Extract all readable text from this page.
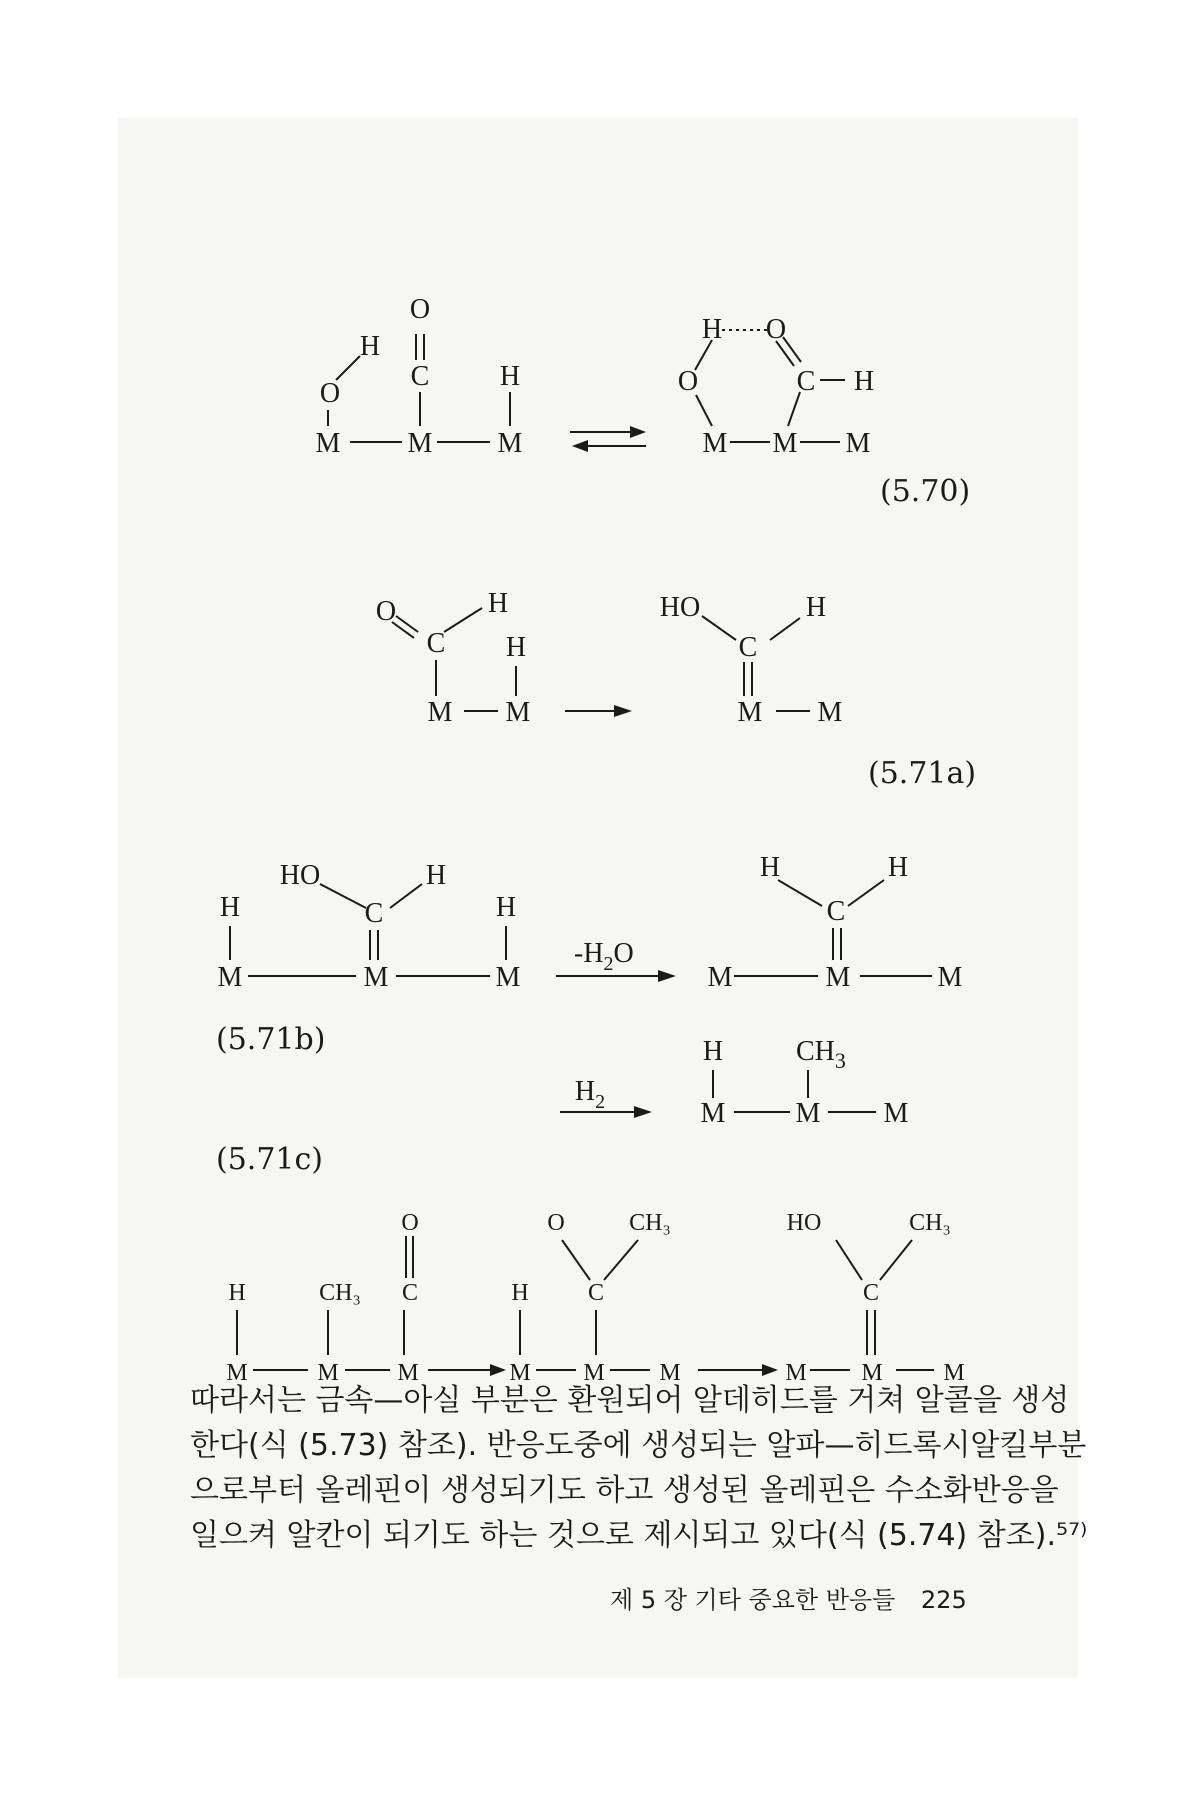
M M M
O
C	H
O
H
M M M
O
H O
C H
O
C
H
H
M M
HO	H
C
M M
H
M
HO	H
C
M
H
M
$-H_2O$
H	H
C
M	M	M
$H_2$
H	$CH_3$
M	M M
H
M
CH₃
M
O
C
M
H
M
O	CH₃
C
M M	M
HO	CH₃
C
M	M
(5.70)
(5.71a)
(5.71b)
(5.71c)

따라서는 금속—아실 부분은 환원되어 알데히드를 거쳐 알콜을 생성

한다(식 (5.73) 참조). 반응도중에 생성되는 알파—히드록시알킬부분

으로부터 올레핀이 생성되기도 하고 생성된 올레핀은 수소화반응을

일으켜 알칸이 되기도 하는 것으로 제시되고 있다(식 (5.74) 참조).⁵⁷⁾

제 5 장 기타 중요한 반응들 225
